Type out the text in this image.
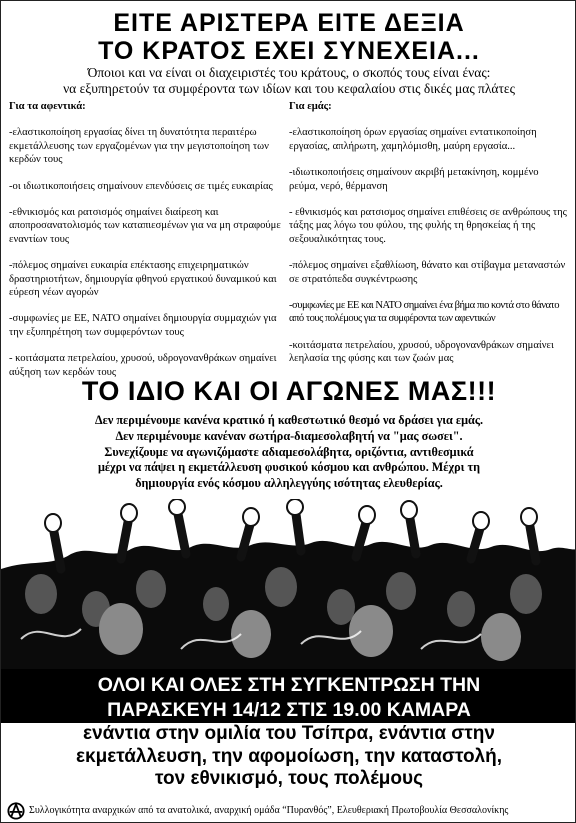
ΕΙΤΕ ΑΡΙΣΤΕΡΑ ΕΙΤΕ ΔΕΞΙΑ
ΤΟ ΚΡΑΤΟΣ ΕΧΕΙ ΣΥΝΕΧΕΙΑ...
Όποιοι και να είναι οι διαχειριστές του κράτους, ο σκοπός τους είναι ένας:
να εξυπηρετούν τα συμφέροντα των ιδίων και του κεφαλαίου στις δικές μας πλάτες
Για τα αφεντικά:
-ελαστικοποίηση εργασίας δίνει τη δυνατότητα περαιτέρω εκμετάλλευσης των εργαζομένων για την μεγιστοποίηση των κερδών τους
-οι ιδιωτικοποιήσεις σημαίνουν επενδύσεις σε τιμές ευκαιρίας
-εθνικισμός και ρατσισμός σημαίνει διαίρεση και αποπροσανατολισμός των καταπιεσμένων για να μη στραφούμε εναντίων τους
-πόλεμος σημαίνει ευκαιρία επέκτασης επιχειρηματικών δραστηριοτήτων, δημιουργία φθηνού εργατικού δυναμικού και εύρεση νέων αγορών
-συμφωνίες με ΕΕ, ΝΑΤΟ σημαίνει δημιουργία συμμαχιών για την εξυπηρέτηση των συμφερόντων τους
- κοιτάσματα πετρελαίου, χρυσού, υδρογονανθράκων σημαίνει αύξηση των κερδών τους
Για εμάς:
-ελαστικοποίηση όρων εργασίας σημαίνει εντατικοποίηση εργασίας, απλήρωτη, χαμηλόμισθη, μαύρη εργασία...
-ιδιωτικοποιήσεις σημαίνουν ακριβή μετακίνηση, κομμένο ρεύμα, νερό, θέρμανση
- εθνικισμός και ρατσισμος σημαίνει επιθέσεις σε ανθρώπους της τάξης μας λόγω του φύλου, της φυλής τη θρησκείας ή της σεξουαλικότητας τους.
-πόλεμος σημαίνει εξαθλίωση, θάνατο και στίβαγμα μεταναστών σε στρατόπεδα συγκέντρωσης
-συμφωνίες με ΕΕ και ΝΑΤΟ σημαίνει ένα βήμα πιο κοντά στο θάνατο από τους πολέμους για τα συμφέροντα των αφεντικών
-κοιτάσματα πετρελαίου, χρυσού, υδρογονανθράκων σημαίνει λεηλασία της φύσης και των ζωών μας
ΤΟ ΙΔΙΟ ΚΑΙ ΟΙ ΑΓΩΝΕΣ ΜΑΣ!!!
Δεν περιμένουμε κανένα κρατικό ή καθεστωτικό θεσμό να δράσει για εμάς.
Δεν περιμένουμε κανέναν σωτήρα-διαμεσολαβητή να "μας σωσει".
Συνεχίζουμε να αγωνιζόμαστε αδιαμεσολάβητα, οριζόντια, αντιθεσμικά
μέχρι να πάψει η εκμετάλλευση φυσικού κόσμου και ανθρώπου. Μέχρι τη
δημιουργία ενός κόσμου αλληλεγγύης ισότητας ελευθερίας.
ΟΛΟΙ ΚΑΙ ΟΛΕΣ ΣΤΗ ΣΥΓΚΕΝΤΡΩΣΗ ΤΗΝ
ΠΑΡΑΣΚΕΥΗ 14/12 ΣΤΙΣ 19.00 ΚΑΜΑΡΑ
ενάντια στην ομιλία του Τσίπρα, ενάντια στην
εκμετάλλευση, την αφομοίωση, την καταστολή,
τον εθνικισμό, τους πολέμους
Συλλογικότητα αναρχικών από τα ανατολικά, αναρχική ομάδα “Πυρανθός”, Ελευθεριακή Πρωτοβουλία Θεσσαλονίκης
